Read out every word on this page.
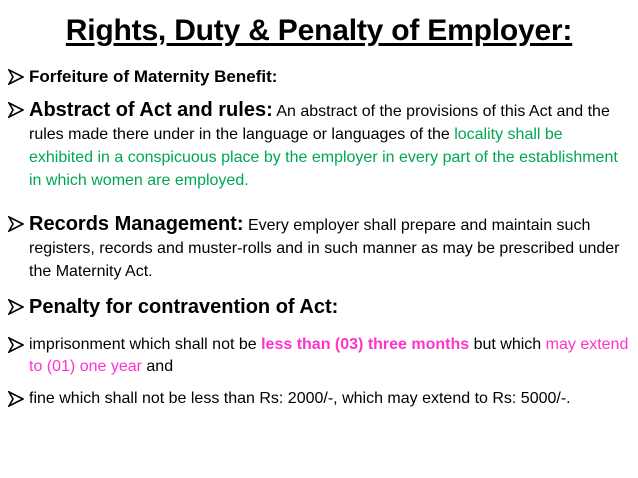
Rights, Duty & Penalty of Employer:
Forfeiture of Maternity Benefit:
Abstract of Act and rules: An abstract of the provisions of this Act and the rules made there under in the language or languages of the locality shall be exhibited in a conspicuous place by the employer in every part of the establishment in which women are employed.
Records Management: Every employer shall prepare and maintain such registers, records and muster-rolls and in such manner as may be prescribed under the Maternity Act.
Penalty for contravention of Act:
imprisonment which shall not be less than (03) three months but which may extend to (01) one year and
fine which shall not be less than Rs: 2000/-, which may extend to Rs: 5000/-.
